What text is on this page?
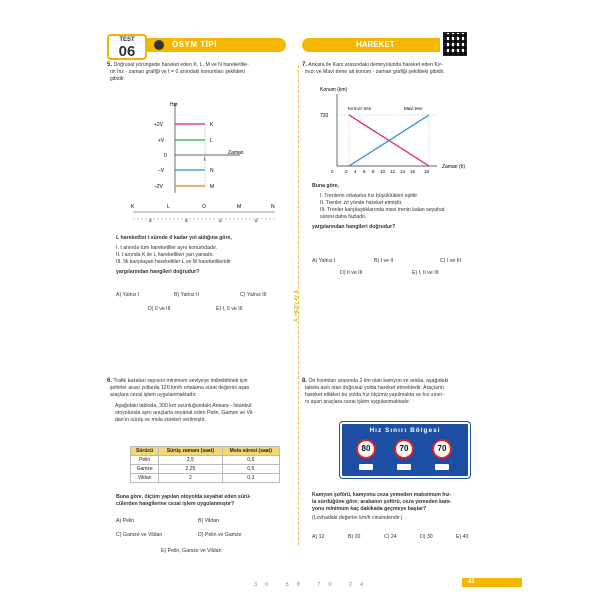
TEST
06	ÖSYM TİPİ	HAREKET
Â- HEBY AY Â
5. Doğrusal yörüngede hareket eden K, L, M ve N hareketlile-
rin hız - zaman grafiği ve t = 0 anındaki konumları şekildeki
gibidir.
Hız
Zaman
+2V
+V
0
–V
–2V
t
K
L
N
M
K	L	O	M	N
d	d	d	d
L hareketlisi t sürede d kadar yol aldığına göre,
I. t anında tüm hareketliler aynı konumdadır.
II. t anında K ile L hareketlileri yan yanadır.
III. İlk karşılaşan hareketliler L ve M hareketlileridir
yargılarından hangileri doğrudur?
A) Yalnız I	B) Yalnız II	C) Yalnız III
D) II ve III	E) I, II ve III
6. Trafik kazaları sayısını minimum seviyeye indirebilmek için
şehirler arası yollarda 120 km/h ortalama sürat değerini aşan
araçlara cezai işlem uygulanmaktadır.
Aşağıdaki tabloda, 300 km uzunluğundaki Ankara - İstanbul
otoyolunda aynı araçlarla seyahat eden Pelin, Gamze ve Vil-
dan'ın sürüş ve mola süreleri verilmiştir.
Sürücü	Sürüş zamanı (saat)	Mola süresi (saat)
Pelin	2,5	0,5
Gamze	2,25	0,5
Vildan	2	0,3
Buna göre, ölçüm yapılan otoyolda seyahat eden sürü-
cülerden hangilerine cezai işlem uygulanmıştır?
A) Pelin	B) Vildan
C) Gamze ve Vildan	D) Pelin ve Gamze
E) Pelin, Gamze ve Vildan
7. Ankara ile Kars arasındaki demiryolunda hareket eden Kır-
mızı ve Mavi trene ait konum - zaman grafiği şekildeki gibidir.
Konum (km)
Zaman (h)
720
Kırmızı tren	Mavi tren
0	2 4 6 8 10 12 14 16 18
Buna göre,
I. Trenlerin ortalama hız büyüklükleri eşittir.
II. Trenler zıt yönde hareket etmiştir.
III. Trenler karşılaştıklarında mavi trenin kalan seyahat
süresi daha fazladır.
yargılarından hangileri doğrudur?
A) Yalnız I	B) I ve II	C) I ve III
D) II ve III	E) I, II ve III
8. Ön kısımları arasında 2 km olan kamyon ve araba, aşağıdaki
tabela asılı olan doğrusal yolda hareket etmektedir. Araçların
hareket ettikleri bu yolda hız ölçümü yapılmakta ve hız sınırı-
nı aşan araçlara cezai işlem uygulanmaktadır.
Hız Sınırı Bölgesi
80	70	70
Kamyon şoförü, kamyonu ceza yemeden maksimum hız-
la sürdüğüne göre; arabanın şoförü, ceza yemeden kam-
yonu minimum kaç dakikada geçmeye başlar?
(Lovhadaki değerler km/h cinsindendir.)
A) 12	B) 20	C) 24	D) 30	E) 40
30 58 70 24	41
